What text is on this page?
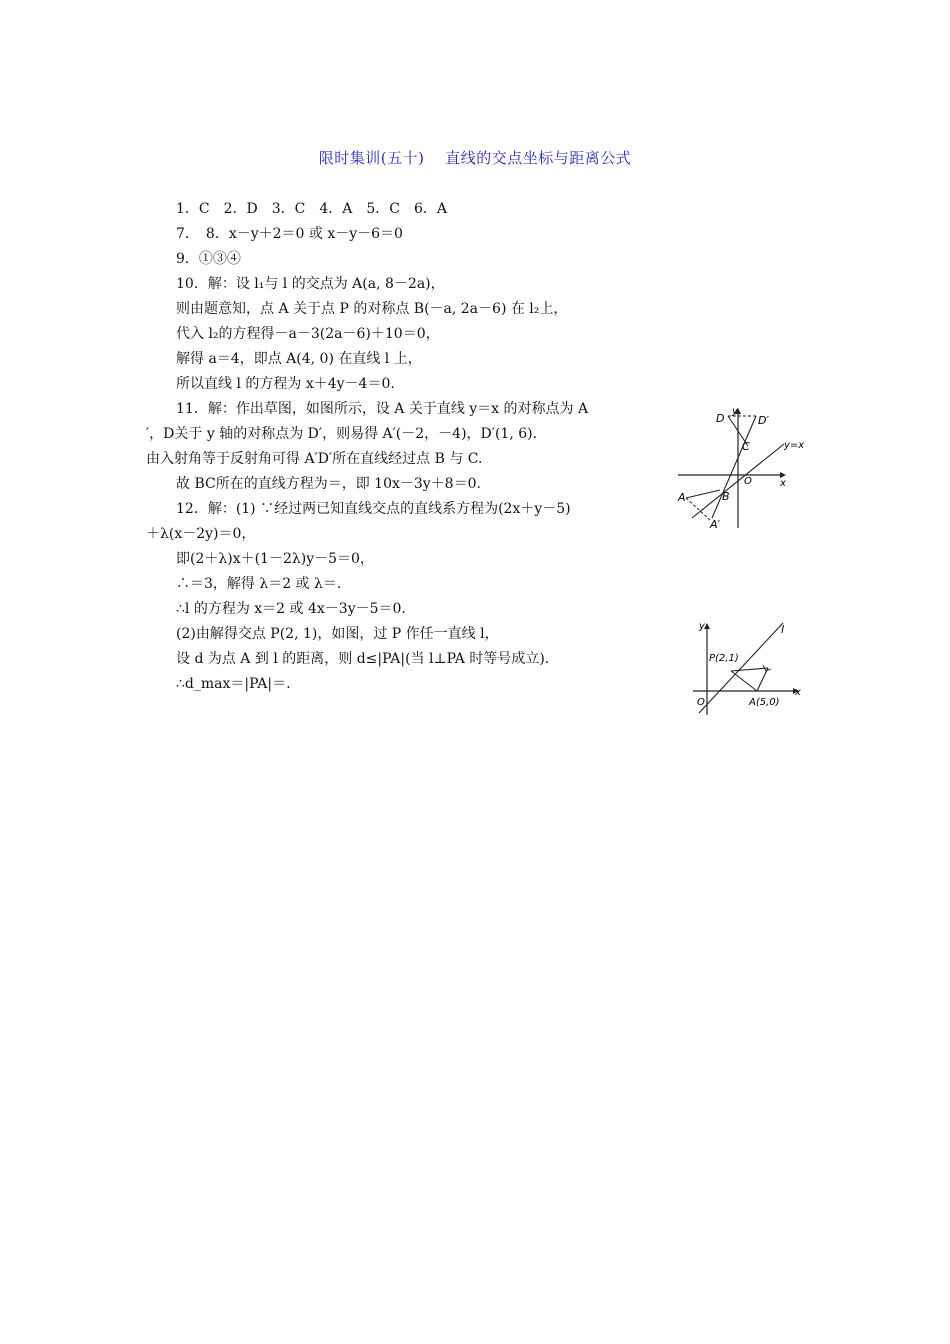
限时集训(五十)　 直线的交点坐标与距离公式
1．C　2．D　3．C　4．A　5．C　6．A
7．　8．x－y＋2＝0 或 x－y－6＝0
9．①③④
10．解：设 l₁与 l 的交点为 A(a, 8－2a)，
则由题意知，点 A 关于点 P 的对称点 B(－a, 2a－6) 在 l₂上，
代入 l₂的方程得－a－3(2a－6)＋10＝0，
解得 a＝4，即点 A(4, 0) 在直线 l 上，
所以直线 l 的方程为 x＋4y－4＝0.
11．解：作出草图，如图所示，设 A 关于直线 y＝x 的对称点为 A
′，D关于 y 轴的对称点为 D′，则易得 A′(－2，－4)，D′(1, 6).
由入射角等于反射角可得 A′D′所在直线经过点 B 与 C.
故 BC所在的直线方程为＝，即 10x－3y＋8＝0.
12．解：(1) ∵经过两已知直线交点的直线系方程为(2x＋y－5)
＋λ(x－2y)＝0，
即(2＋λ)x＋(1－2λ)y－5＝0，
∴＝3，解得 λ＝2 或 λ＝.
∴l 的方程为 x＝2 或 4x－3y－5＝0.
(2)由解得交点 P(2, 1)，如图，过 P 作任一直线 l，
设 d 为点 A 到 l 的距离，则 d≤|PA|(当 l⊥PA 时等号成立).
∴d_max＝|PA|＝.
D
y
D′
C	y=x
O	x
A	B
A′
y	l
P(2,1)
O	A(5,0)
x
